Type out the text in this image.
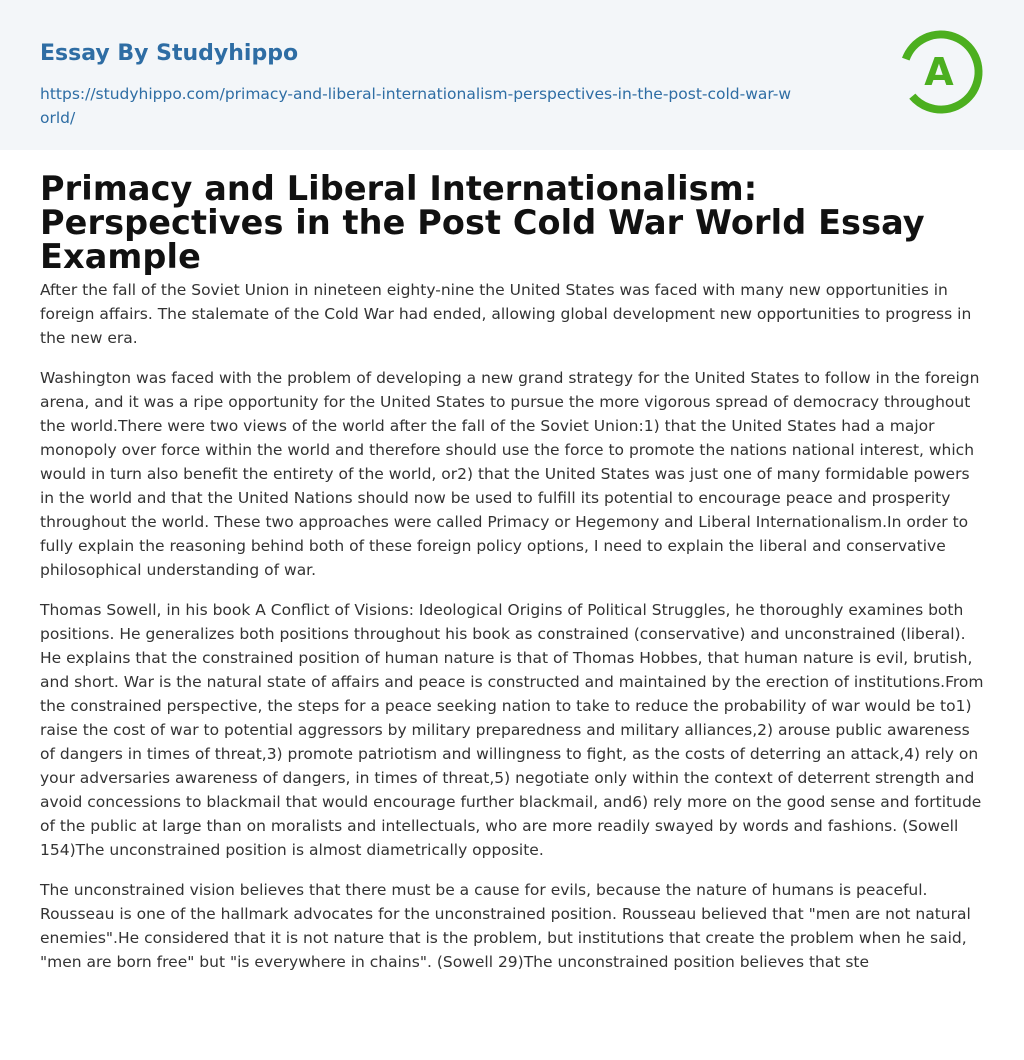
Essay By Studyhippo
https://studyhippo.com/primacy-and-liberal-internationalism-perspectives-in-the-post-cold-war-world/
A
Primacy and Liberal Internationalism: Perspectives in the Post Cold War World Essay Example

After the fall of the Soviet Union in nineteen eighty-nine the United States was faced with many new opportunities in foreign affairs. The stalemate of the Cold War had ended, allowing global development new opportunities to progress in the new era.

Washington was faced with the problem of developing a new grand strategy for the United States to follow in the foreign arena, and it was a ripe opportunity for the United States to pursue the more vigorous spread of democracy throughout the world.There were two views of the world after the fall of the Soviet Union:1) that the United States had a major monopoly over force within the world and therefore should use the force to promote the nations national interest, which would in turn also benefit the entirety of the world, or2) that the United States was just one of many formidable powers in the world and that the United Nations should now be used to fulfill its potential to encourage peace and prosperity throughout the world. These two approaches were called Primacy or Hegemony and Liberal Internationalism.In order to fully explain the reasoning behind both of these foreign policy options, I need to explain the liberal and conservative philosophical understanding of war.

Thomas Sowell, in his book A Conflict of Visions: Ideological Origins of Political Struggles, he thoroughly examines both positions. He generalizes both positions throughout his book as constrained (conservative) and unconstrained (liberal). He explains that the constrained position of human nature is that of Thomas Hobbes, that human nature is evil, brutish, and short. War is the natural state of affairs and peace is constructed and maintained by the erection of institutions.From the constrained perspective, the steps for a peace seeking nation to take to reduce the probability of war would be to1) raise the cost of war to potential aggressors by military preparedness and military alliances,2) arouse public awareness of dangers in times of threat,3) promote patriotism and willingness to fight, as the costs of deterring an attack,4) rely on your adversaries awareness of dangers, in times of threat,5) negotiate only within the context of deterrent strength and avoid concessions to blackmail that would encourage further blackmail, and6) rely more on the good sense and fortitude of the public at large than on moralists and intellectuals, who are more readily swayed by words and fashions. (Sowell 154)The unconstrained position is almost diametrically opposite.

The unconstrained vision believes that there must be a cause for evils, because the nature of humans is peaceful. Rousseau is one of the hallmark advocates for the unconstrained position. Rousseau believed that "men are not natural enemies".He considered that it is not nature that is the problem, but institutions that create the problem when he said, "men are born free" but "is everywhere in chains". (Sowell 29)The unconstrained position believes that ste
